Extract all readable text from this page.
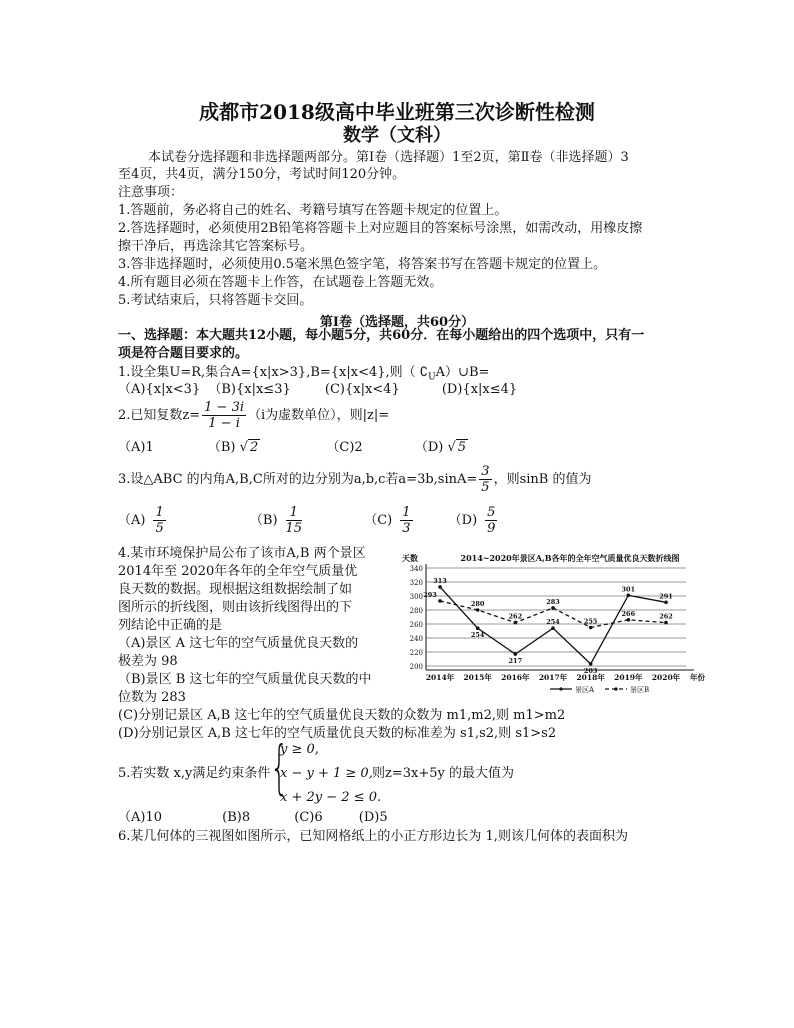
成都市2018级高中毕业班第三次诊断性检测
数学（文科）
本试卷分选择题和非选择题两部分。第Ⅰ卷（选择题）1至2页，第Ⅱ卷（非选择题）3
至4页，共4页，满分150分，考试时间120分钟。
注意事项：
1.答题前，务必将自己的姓名、考籍号填写在答题卡规定的位置上。
2.答选择题时，必须使用2B铅笔将答题卡上对应题目的答案标号涂黑，如需改动，用橡皮擦
擦干净后，再选涂其它答案标号。
3.答非选择题时，必须使用0.5毫米黑色签字笔，将答案书写在答题卡规定的位置上。
4.所有题目必须在答题卡上作答，在试题卷上答题无效。
5.考试结束后，只将答题卡交回。
第Ⅰ卷（选择题，共60分）
一、选择题：本大题共12小题，每小题5分，共60分．在每小题给出的四个选项中，只有一
项是符合题目要求的。
1.设全集U=R,集合A={x|x>3},B={x|x<4},则（ $∁_UA)\cup B=$
（A){x|x<3} （B){x|x≤3}	(C){x|x<4}	(D){x|x≤4}
2.已知复数$z= \frac{1 - 3i}{1 - i} (i$为虚数单位），则|z|=
（A)1	（B) √ 2	（C)2	（D) √ 5
3.设△ABC 的内角A,B,C所对的边分别为a,b,c若$a=3b,\sin A= \frac{3}{5}$ ，则sinB 的值为
$(A) \frac{1}{5}$	$(B) \frac{1}{15}$	$(C) \frac{1}{3}$	$(D) \frac{5}{9}$
4.某市环境保护局公布了该市A,B 两个景区
2014年至 2020年各年的全年空气质量优
良天数的数据。现根据这组数据绘制了如
图所示的折线图，则由该折线图得出的下
列结论中正确的是
（A)景区 A 这七年的空气质量优良天数的
极差为 98
（B)景区 B 这七年的空气质量优良天数的中
位数为 283
(C)分别记景区 A,B 这七年的空气质量优良天数的众数为 m1,m2,则 m1>m2
(D)分别记景区 A,B 这七年的空气质量优良天数的标准差为 s1,s2,则 s1>s2
2014~2020年景区A,B各年的全年空气质量优良天数折线图
天数
200
220
240
260
280
300
320
340
2014年 2015年 2016年 2017年 2018年 2019年 2020年 年份
313
254
217
254
203
301
291
293
280
262
283
255
266	262
景区A	景区B
5.若实数 x,y满足约束条件 {
y ≥ 0,
x − y + 1 ≥ 0,
x + 2y − 2 ≤ 0.
则z=3x+5y 的最大值为
（A)10	(B)8	(C)6	(D)5
6.某几何体的三视图如图所示，已知网格纸上的小正方形边长为 1,则该几何体的表面积为
